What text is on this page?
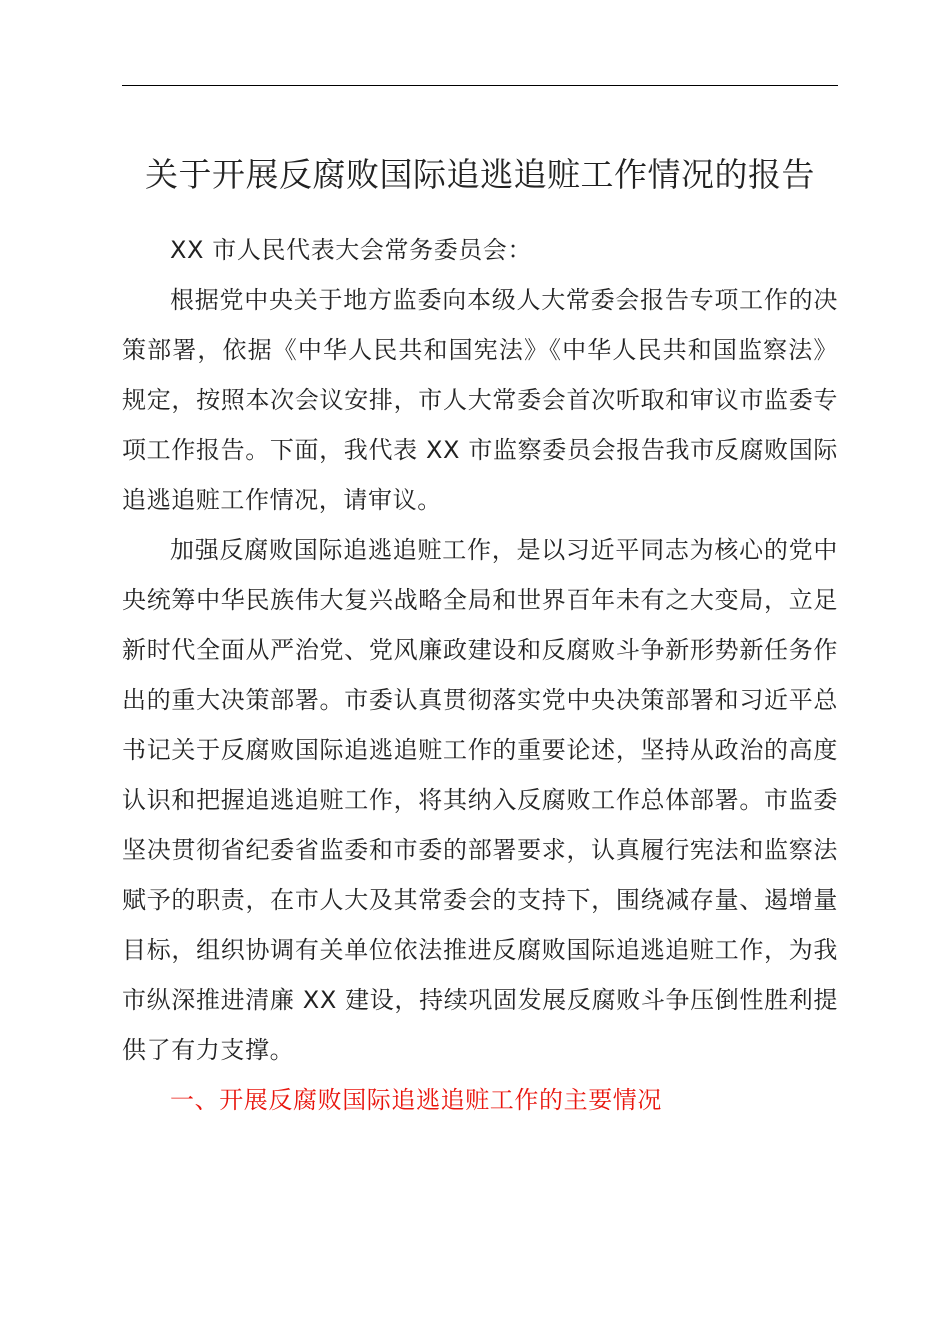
关于开展反腐败国际追逃追赃工作情况的报告

XX 市人民代表大会常务委员会：

根据党中央关于地方监委向本级人大常委会报告专项工作的决策部署，依据《中华人民共和国宪法》《中华人民共和国监察法》规定，按照本次会议安排，市人大常委会首次听取和审议市监委专项工作报告。下面，我代表 XX 市监察委员会报告我市反腐败国际追逃追赃工作情况，请审议。

加强反腐败国际追逃追赃工作，是以习近平同志为核心的党中央统筹中华民族伟大复兴战略全局和世界百年未有之大变局，立足新时代全面从严治党、党风廉政建设和反腐败斗争新形势新任务作出的重大决策部署。市委认真贯彻落实党中央决策部署和习近平总书记关于反腐败国际追逃追赃工作的重要论述，坚持从政治的高度认识和把握追逃追赃工作，将其纳入反腐败工作总体部署。市监委坚决贯彻省纪委省监委和市委的部署要求，认真履行宪法和监察法赋予的职责，在市人大及其常委会的支持下，围绕减存量、遏增量目标，组织协调有关单位依法推进反腐败国际追逃追赃工作，为我市纵深推进清廉 XX 建设，持续巩固发展反腐败斗争压倒性胜利提供了有力支撑。

一、开展反腐败国际追逃追赃工作的主要情况
